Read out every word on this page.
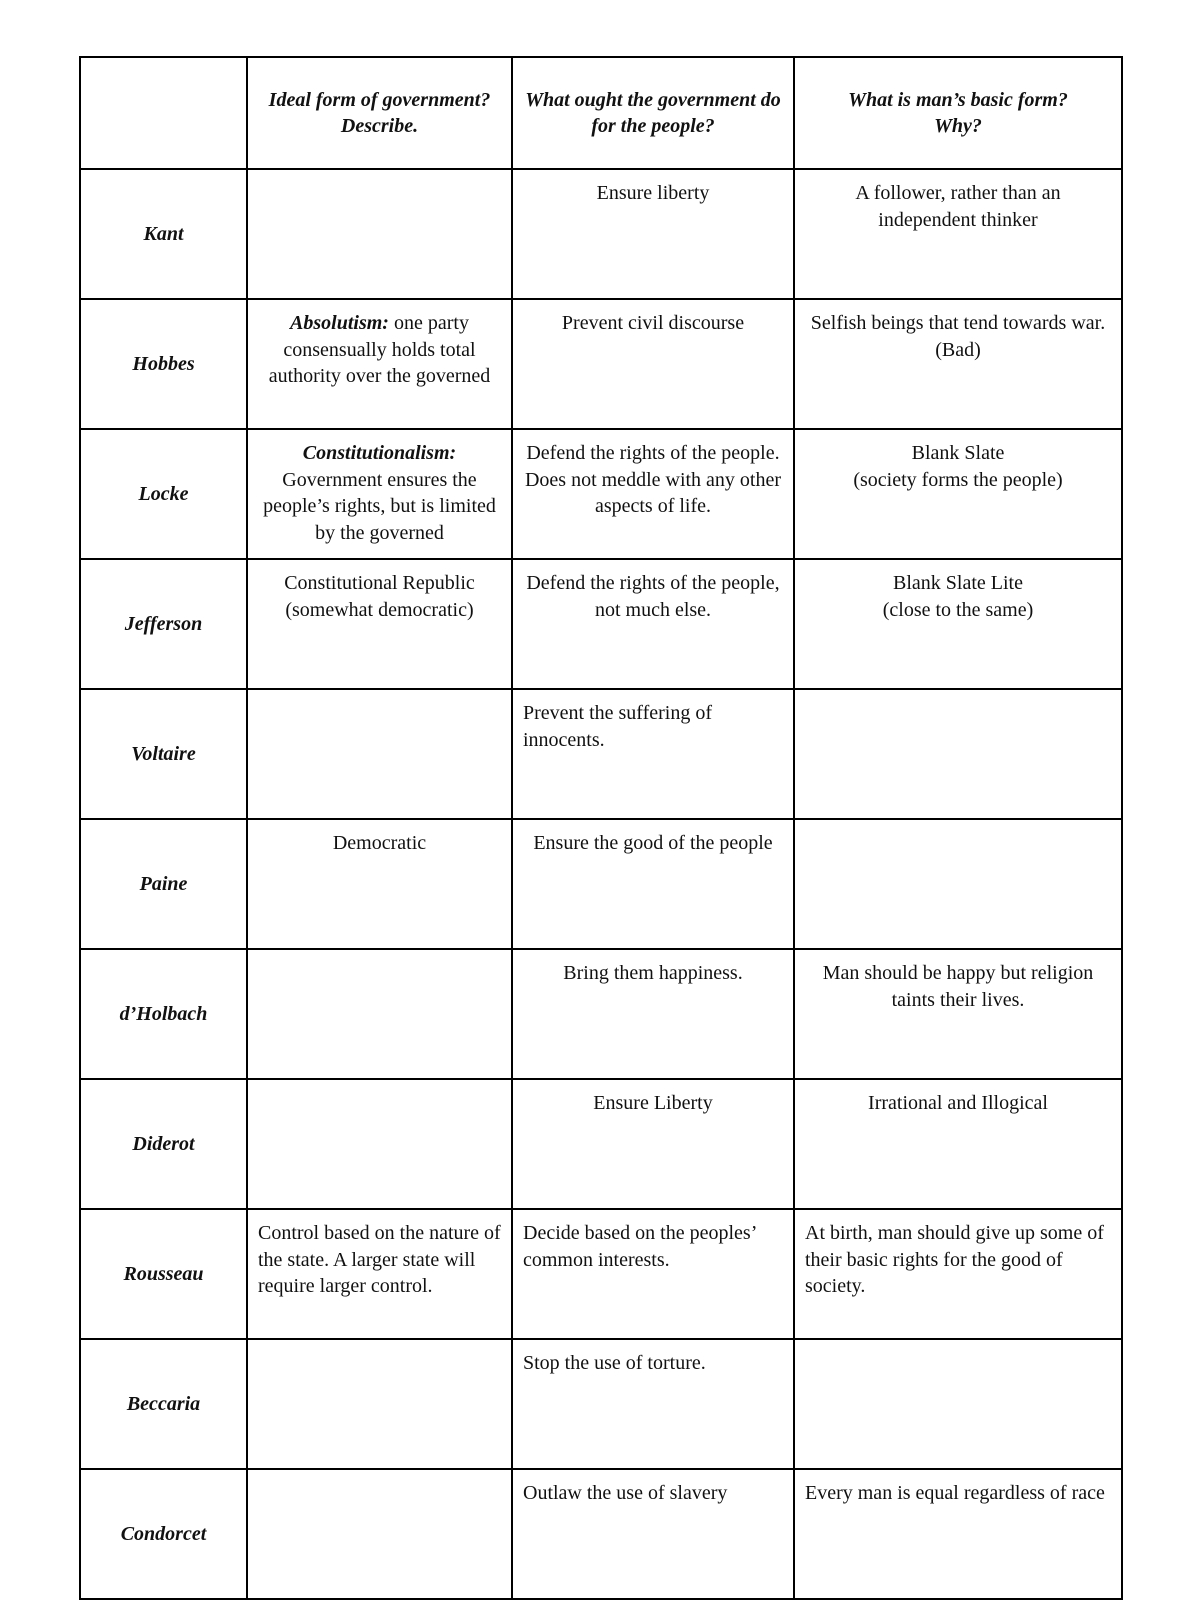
	Ideal form of government? Describe.	What ought the government do for the people?	What is man’s basic form?
Why?

Kant		Ensure liberty	A follower, rather than an independent thinker
Hobbes	Absolutism: one party consensually holds total authority over the governed	Prevent civil discourse	Selfish beings that tend towards war.
(Bad)

Locke	Constitutionalism:
Government ensures the people’s rights, but is limited by the governed	Defend the rights of the people. Does not meddle with any other aspects of life.	Blank Slate
(society forms the people)

Jefferson	Constitutional Republic (somewhat democratic)	Defend the rights of the people, not much else.	Blank Slate Lite
(close to the same)

Voltaire		Prevent the suffering of innocents.	
Paine	Democratic	Ensure the good of the people	
d’Holbach		Bring them happiness.	Man should be happy but religion taints their lives.
Diderot		Ensure Liberty	Irrational and Illogical
Rousseau	Control based on the nature of the state. A larger state will require larger control.	Decide based on the peoples’ common interests.	At birth, man should give up some of their basic rights for the good of society.
Beccaria		Stop the use of torture.	
Condorcet		Outlaw the use of slavery	Every man is equal regardless of race
